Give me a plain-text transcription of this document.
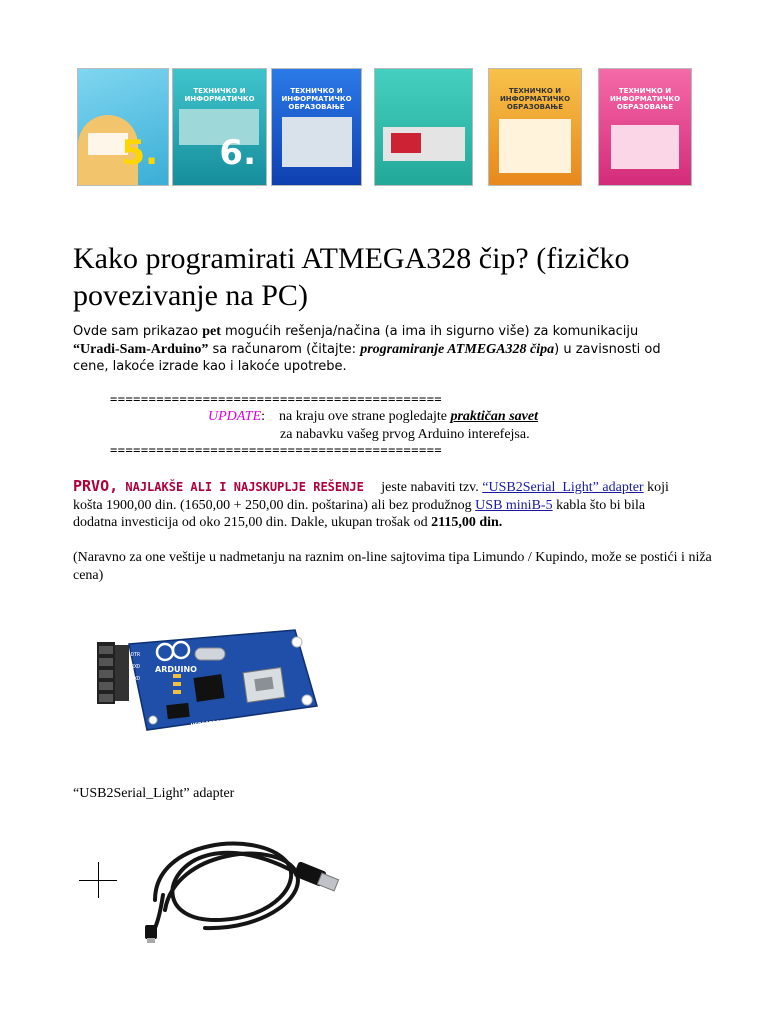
5.
ТЕХНИЧКО И
ИНФОРМАТИЧКО
6.
ТЕХНИЧКО И
ИНФОРМАТИЧКО
ОБРАЗОВАЊЕ
ТЕХНИЧКО И
ИНФОРМАТИЧКО
ОБРАЗОВАЊЕ
ТЕХНИЧКО И
ИНФОРМАТИЧКО
ОБРАЗОВАЊЕ
Kako programirati ATMEGA328 čip? (fizičko povezivanje na PC)
Ovde sam prikazao pet mogućih rešenja/načina (a ima ih sigurno više) za komunikaciju “Uradi-Sam-Arduino” sa računarom (čitajte: programiranje ATMEGA328 čipa) u zavisnosti od cene, lakoće izrade kao i lakoće upotrebe.
===========================================
UPDATE:    na kraju ove strane pogledajte praktičan savet
za nabavku vašeg prvog Arduino interefejsa.
===========================================
PRVO, NAJLAKŠE ALI I NAJSKUPLJE REŠENJE     jeste nabaviti tzv. “USB2Serial_Light” adapter koji košta 1900,00 din. (1650,00 + 250,00 din. poštarina) ali bez produžnog USB miniB-5 kabla što bi bila dodatna investicija od oko 215,00 din. Dakle, ukupan trošak od 2115,00 din.
(Naravno za one veštije u nadmetanju na raznim on-line sajtovima tipa Limundo / Kupindo, može se postići i niža cena)
ARDUINO
DTR
RXD
TXD
5V
GND
USB2SERIAL LIGHT
“USB2Serial_Light” adapter
